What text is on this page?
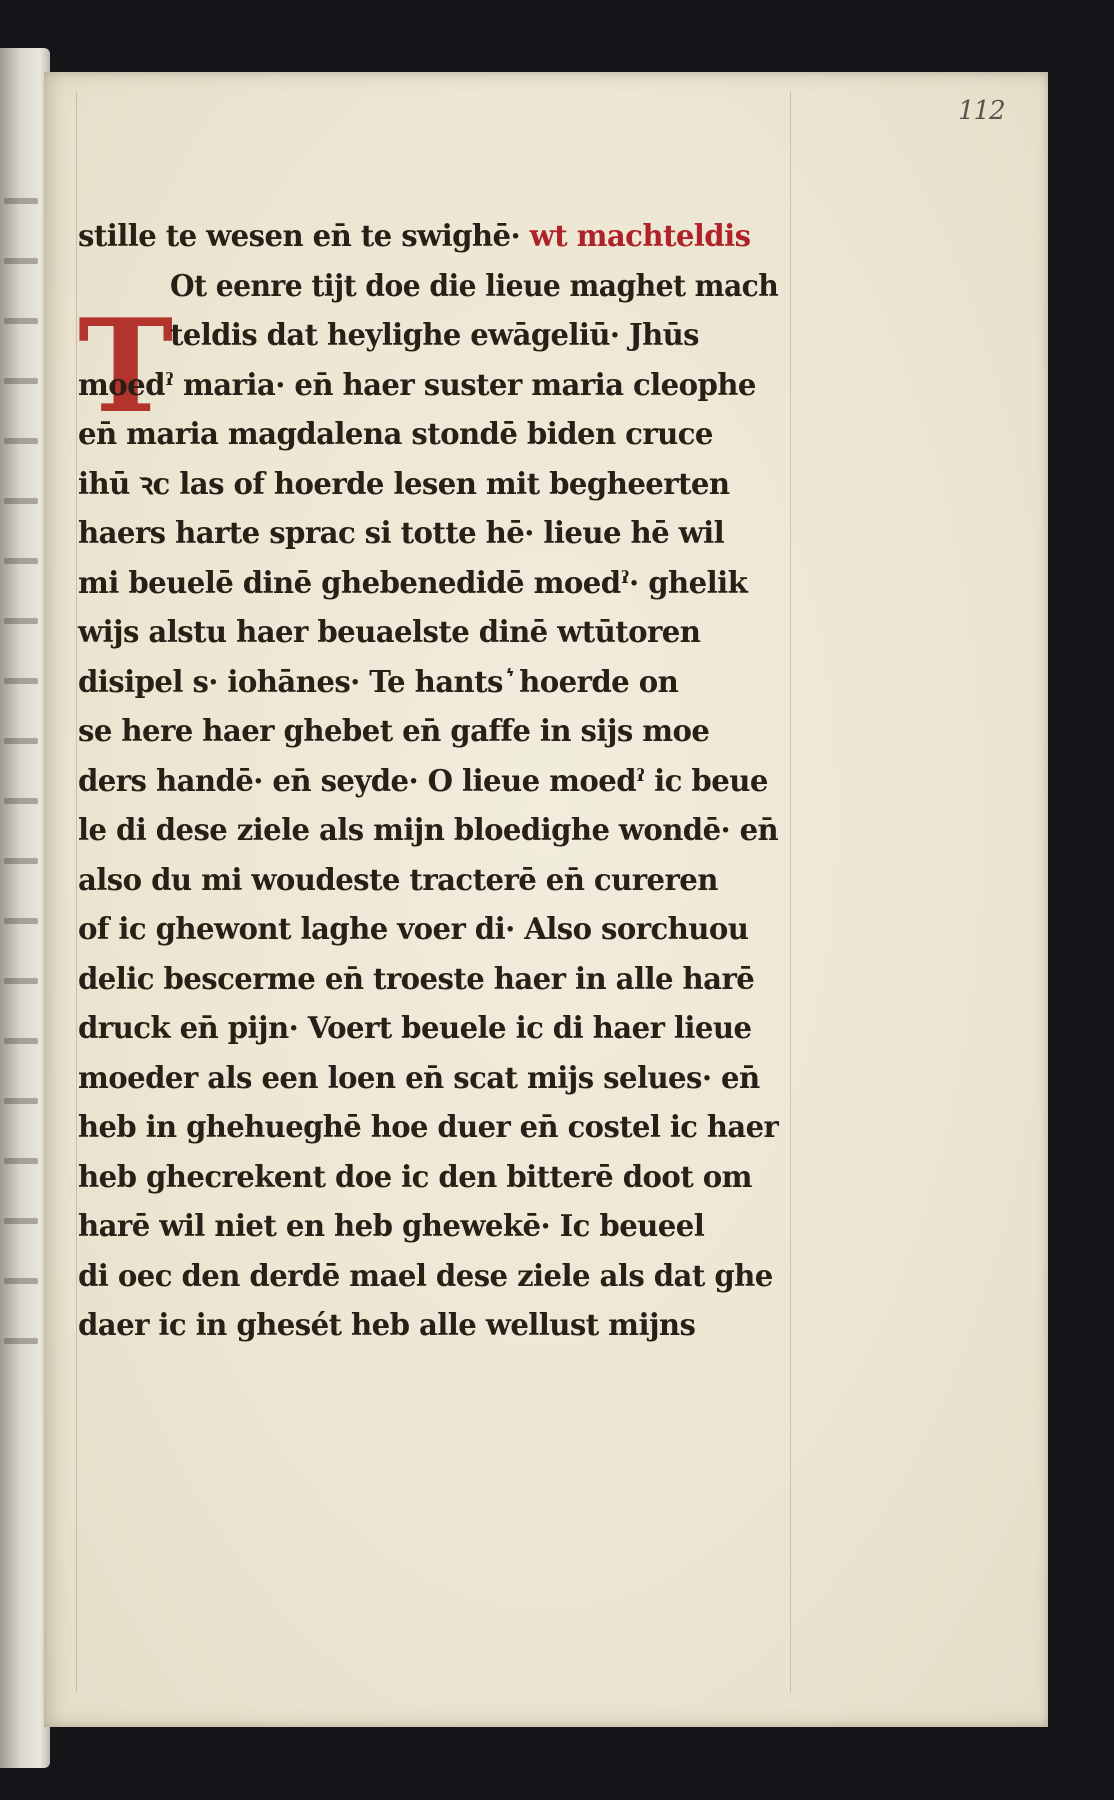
112
T
stille te wesen en̄ te swighē· wt machteldis
Ot eenre tijt doe die lieue maghet mach
teldis dat heylighe ewāgeliū· Jhūs
moedˀ maria· en̄ haer suster maria cleophe
en̄ maria magdalena stondē biden cruce
ihū ꝛc las of hoerde lesen mit begheerten
haers harte sprac si totte hē· lieue hē wil
mi beuelē dinē ghebenedidē moedˀ· ghelik
wijs alstu haer beuaelste dinē wtūtoren
disipel s· iohānes· Te hants ͛ hoerde on
se here haer ghebet en̄ gaffe in sijs moe
ders handē· en̄ seyde· O lieue moedˀ ic beue
le di dese ziele als mijn bloedighe wondē· en̄
also du mi woudeste tracterē en̄ cureren
of ic ghewont laghe voer di· Also sorchuou
delic bescerme en̄ troeste haer in alle harē
druck en̄ pijn· Voert beuele ic di haer lieue
moeder als een loen en̄ scat mijs selues· en̄
heb in ghehueghē hoe duer en̄ costel ic haer
heb ghecrekent doe ic den bitterē doot om
harē wil niet en heb ghewekē· Ic beueel
di oec den derdē mael dese ziele als dat ghe
daer ic in ghesét heb alle wellust mijns
